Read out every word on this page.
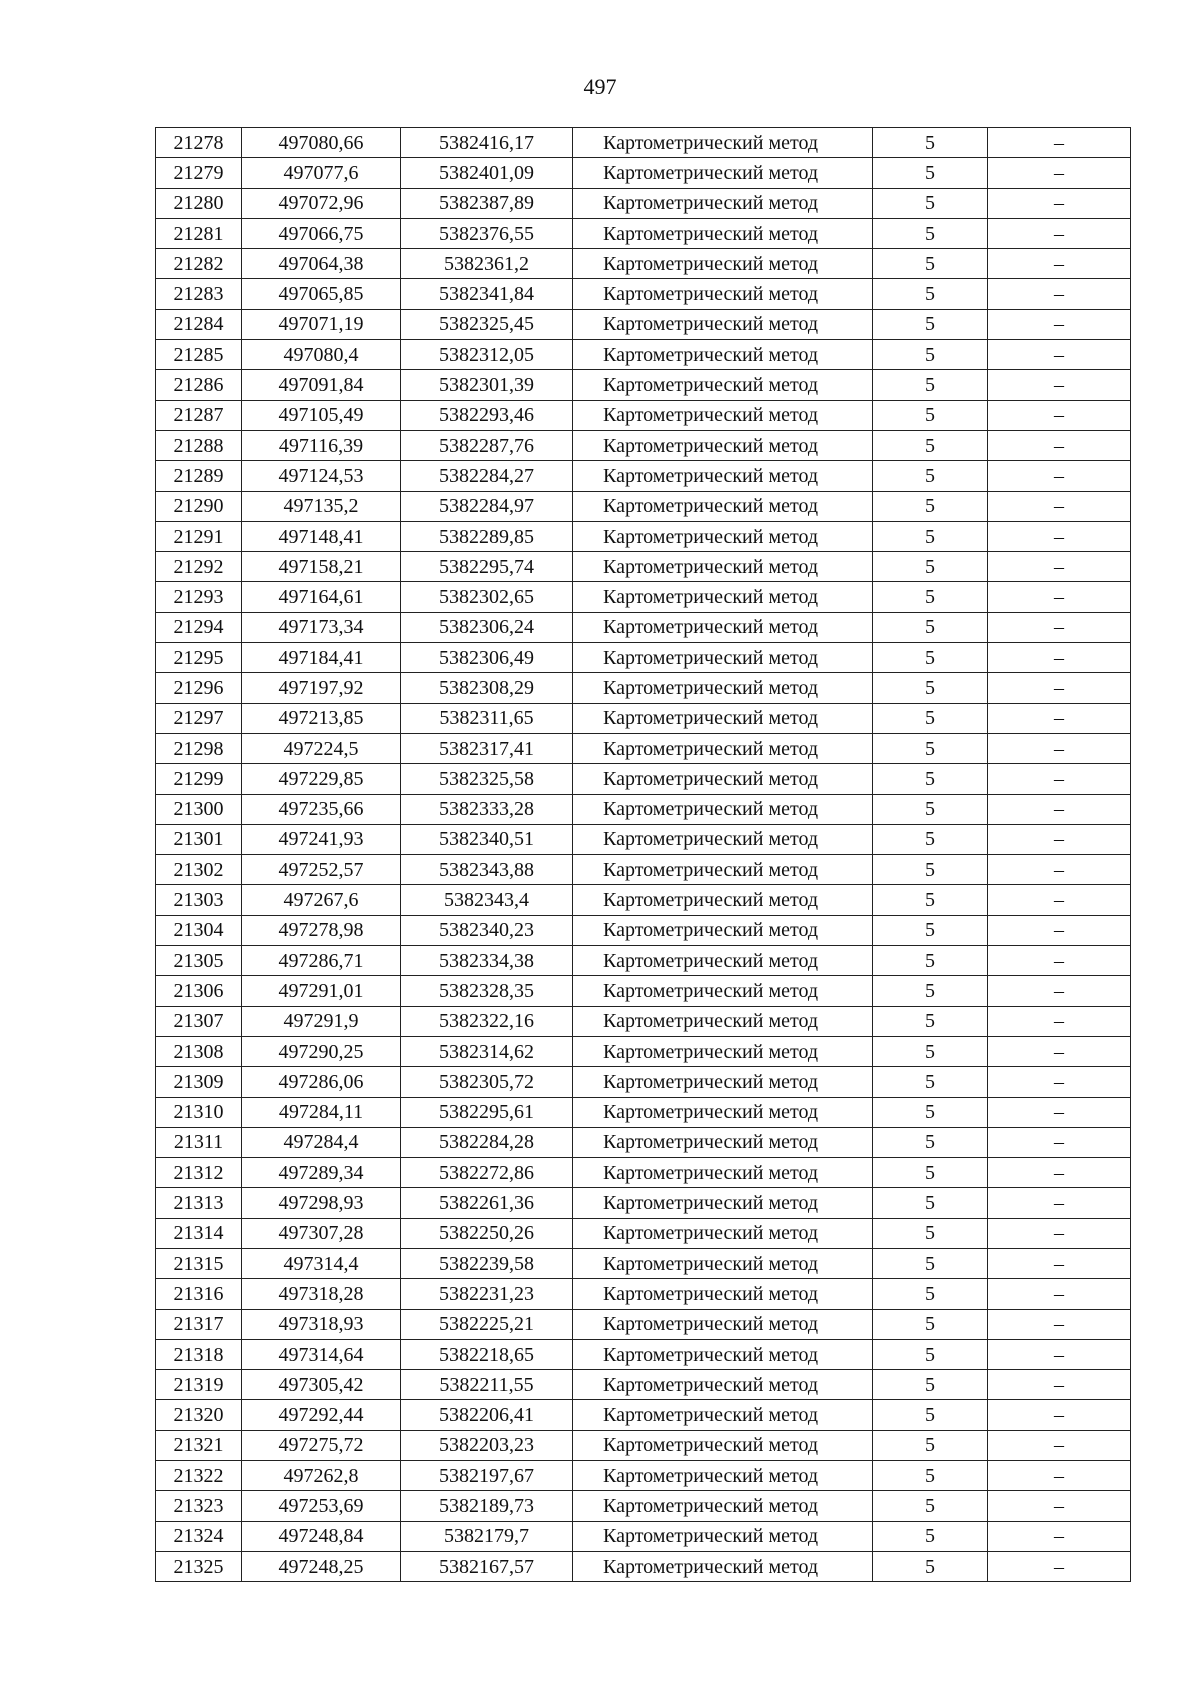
497
21278	497080,66	5382416,17	Картометрический метод	5	–
21279	497077,6	5382401,09	Картометрический метод	5	–
21280	497072,96	5382387,89	Картометрический метод	5	–
21281	497066,75	5382376,55	Картометрический метод	5	–
21282	497064,38	5382361,2	Картометрический метод	5	–
21283	497065,85	5382341,84	Картометрический метод	5	–
21284	497071,19	5382325,45	Картометрический метод	5	–
21285	497080,4	5382312,05	Картометрический метод	5	–
21286	497091,84	5382301,39	Картометрический метод	5	–
21287	497105,49	5382293,46	Картометрический метод	5	–
21288	497116,39	5382287,76	Картометрический метод	5	–
21289	497124,53	5382284,27	Картометрический метод	5	–
21290	497135,2	5382284,97	Картометрический метод	5	–
21291	497148,41	5382289,85	Картометрический метод	5	–
21292	497158,21	5382295,74	Картометрический метод	5	–
21293	497164,61	5382302,65	Картометрический метод	5	–
21294	497173,34	5382306,24	Картометрический метод	5	–
21295	497184,41	5382306,49	Картометрический метод	5	–
21296	497197,92	5382308,29	Картометрический метод	5	–
21297	497213,85	5382311,65	Картометрический метод	5	–
21298	497224,5	5382317,41	Картометрический метод	5	–
21299	497229,85	5382325,58	Картометрический метод	5	–
21300	497235,66	5382333,28	Картометрический метод	5	–
21301	497241,93	5382340,51	Картометрический метод	5	–
21302	497252,57	5382343,88	Картометрический метод	5	–
21303	497267,6	5382343,4	Картометрический метод	5	–
21304	497278,98	5382340,23	Картометрический метод	5	–
21305	497286,71	5382334,38	Картометрический метод	5	–
21306	497291,01	5382328,35	Картометрический метод	5	–
21307	497291,9	5382322,16	Картометрический метод	5	–
21308	497290,25	5382314,62	Картометрический метод	5	–
21309	497286,06	5382305,72	Картометрический метод	5	–
21310	497284,11	5382295,61	Картометрический метод	5	–
21311	497284,4	5382284,28	Картометрический метод	5	–
21312	497289,34	5382272,86	Картометрический метод	5	–
21313	497298,93	5382261,36	Картометрический метод	5	–
21314	497307,28	5382250,26	Картометрический метод	5	–
21315	497314,4	5382239,58	Картометрический метод	5	–
21316	497318,28	5382231,23	Картометрический метод	5	–
21317	497318,93	5382225,21	Картометрический метод	5	–
21318	497314,64	5382218,65	Картометрический метод	5	–
21319	497305,42	5382211,55	Картометрический метод	5	–
21320	497292,44	5382206,41	Картометрический метод	5	–
21321	497275,72	5382203,23	Картометрический метод	5	–
21322	497262,8	5382197,67	Картометрический метод	5	–
21323	497253,69	5382189,73	Картометрический метод	5	–
21324	497248,84	5382179,7	Картометрический метод	5	–
21325	497248,25	5382167,57	Картометрический метод	5	–
